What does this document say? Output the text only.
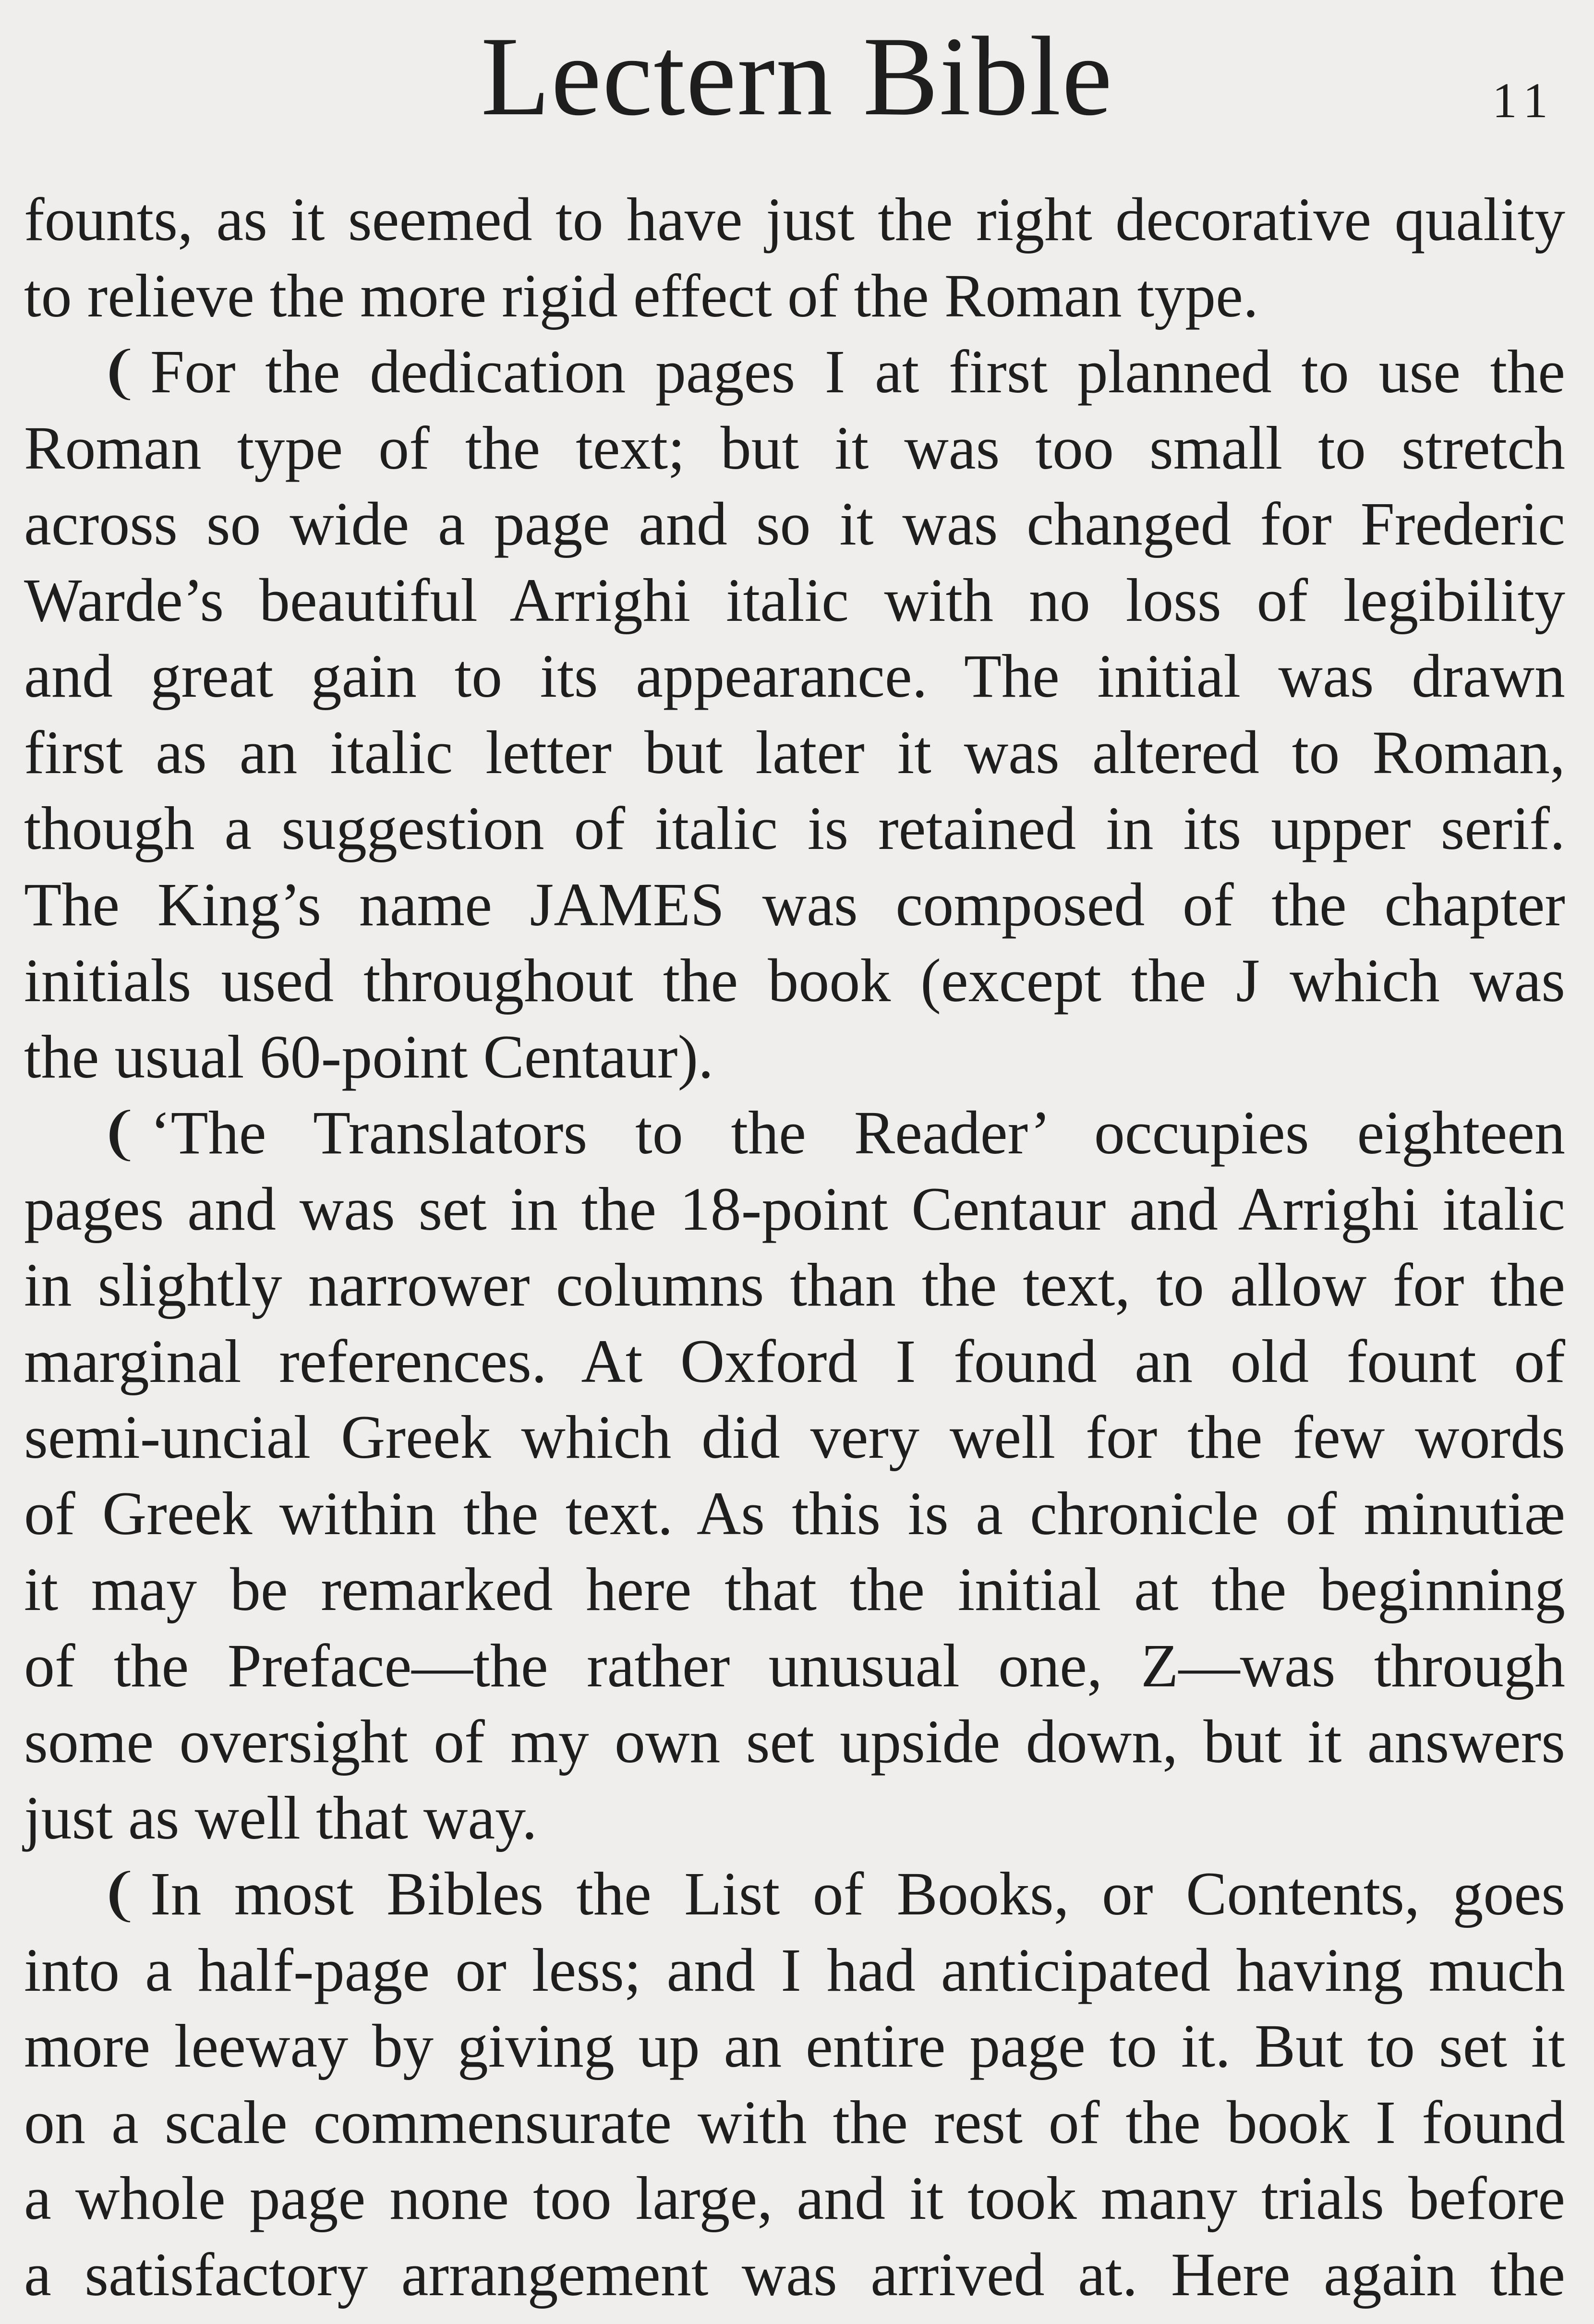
Lectern Bible	11
founts, as it seemed to have just the right decorative quality
to relieve the more rigid effect of the Roman type.
❨ For the dedication pages I at first planned to use the
Roman type of the text; but it was too small to stretch
across so wide a page and so it was changed for Frederic
Warde’s beautiful Arrighi italic with no loss of legibility
and great gain to its appearance. The initial was drawn
first as an italic letter but later it was altered to Roman,
though a suggestion of italic is retained in its upper serif.
The King’s name JAMES was composed of the chapter
initials used throughout the book (except the J which was
the usual 60-point Centaur).
❨ ‘The Translators to the Reader’ occupies eighteen
pages and was set in the 18-point Centaur and Arrighi italic
in slightly narrower columns than the text, to allow for the
marginal references. At Oxford I found an old fount of
semi-uncial Greek which did very well for the few words
of Greek within the text. As this is a chronicle of minutiæ
it may be remarked here that the initial at the beginning
of the Preface—the rather unusual one, Z—was through
some oversight of my own set upside down, but it answers
just as well that way.
❨ In most Bibles the List of Books, or Contents, goes
into a half-page or less; and I had anticipated having much
more leeway by giving up an entire page to it. But to set it
on a scale commensurate with the rest of the book I found
a whole page none too large, and it took many trials before
a satisfactory arrangement was arrived at. Here again the
